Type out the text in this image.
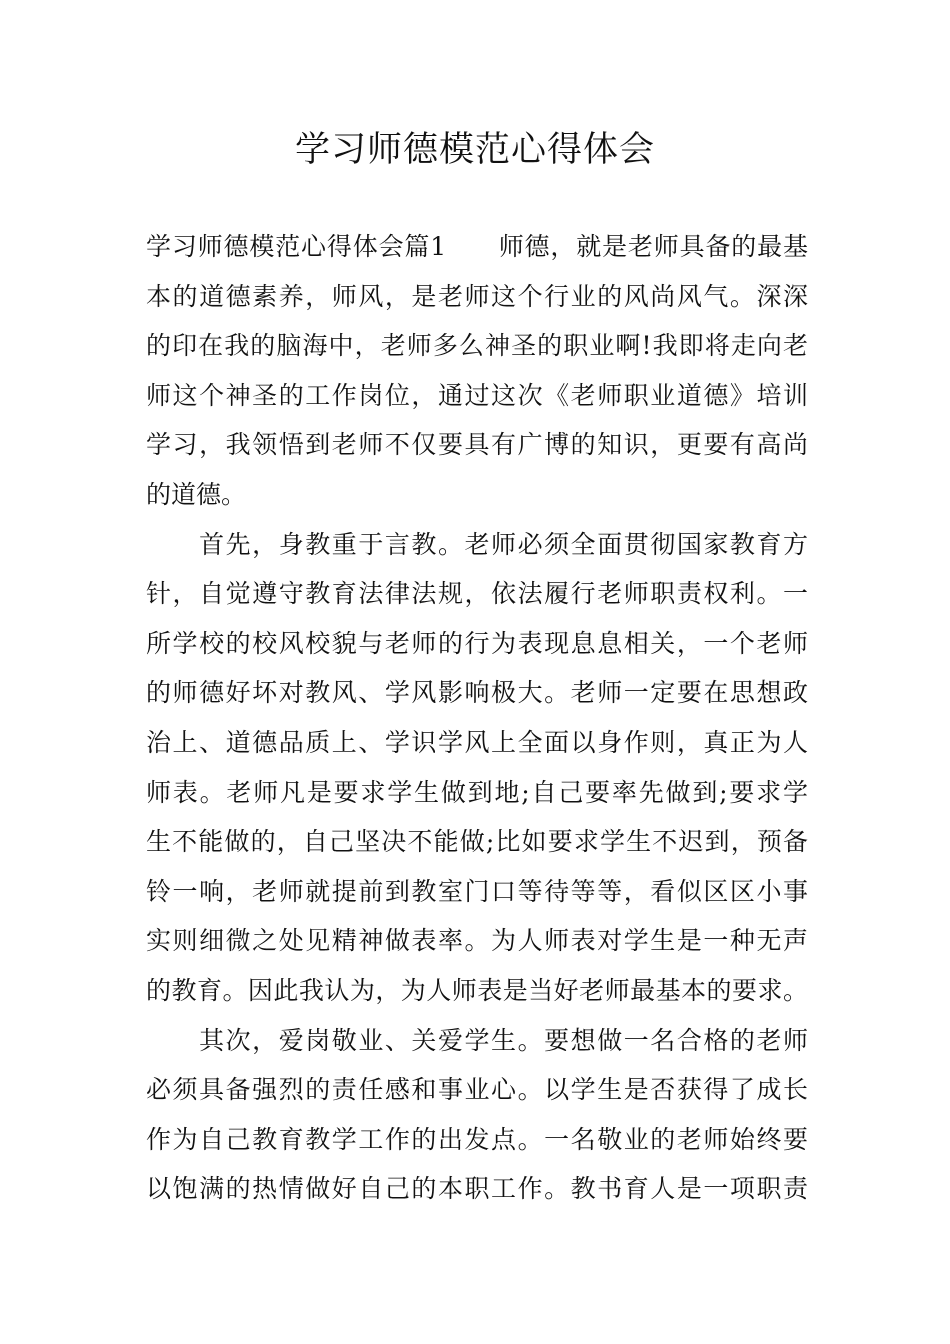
学习师德模范心得体会
学习师德模范心得体会篇1　　师德，就是老师具备的最基
本的道德素养，师风，是老师这个行业的风尚风气。深深
的印在我的脑海中，老师多么神圣的职业啊!我即将走向老
师这个神圣的工作岗位，通过这次《老师职业道德》培训
学习，我领悟到老师不仅要具有广博的知识，更要有高尚
的道德。
　　首先，身教重于言教。老师必须全面贯彻国家教育方
针，自觉遵守教育法律法规，依法履行老师职责权利。一
所学校的校风校貌与老师的行为表现息息相关，一个老师
的师德好坏对教风、学风影响极大。老师一定要在思想政
治上、道德品质上、学识学风上全面以身作则，真正为人
师表。老师凡是要求学生做到地;自己要率先做到;要求学
生不能做的，自己坚决不能做;比如要求学生不迟到，预备
铃一响，老师就提前到教室门口等待等等，看似区区小事
实则细微之处见精神做表率。为人师表对学生是一种无声
的教育。因此我认为，为人师表是当好老师最基本的要求。
　　其次，爱岗敬业、关爱学生。要想做一名合格的老师
必须具备强烈的责任感和事业心。以学生是否获得了成长
作为自己教育教学工作的出发点。一名敬业的老师始终要
以饱满的热情做好自己的本职工作。教书育人是一项职责
